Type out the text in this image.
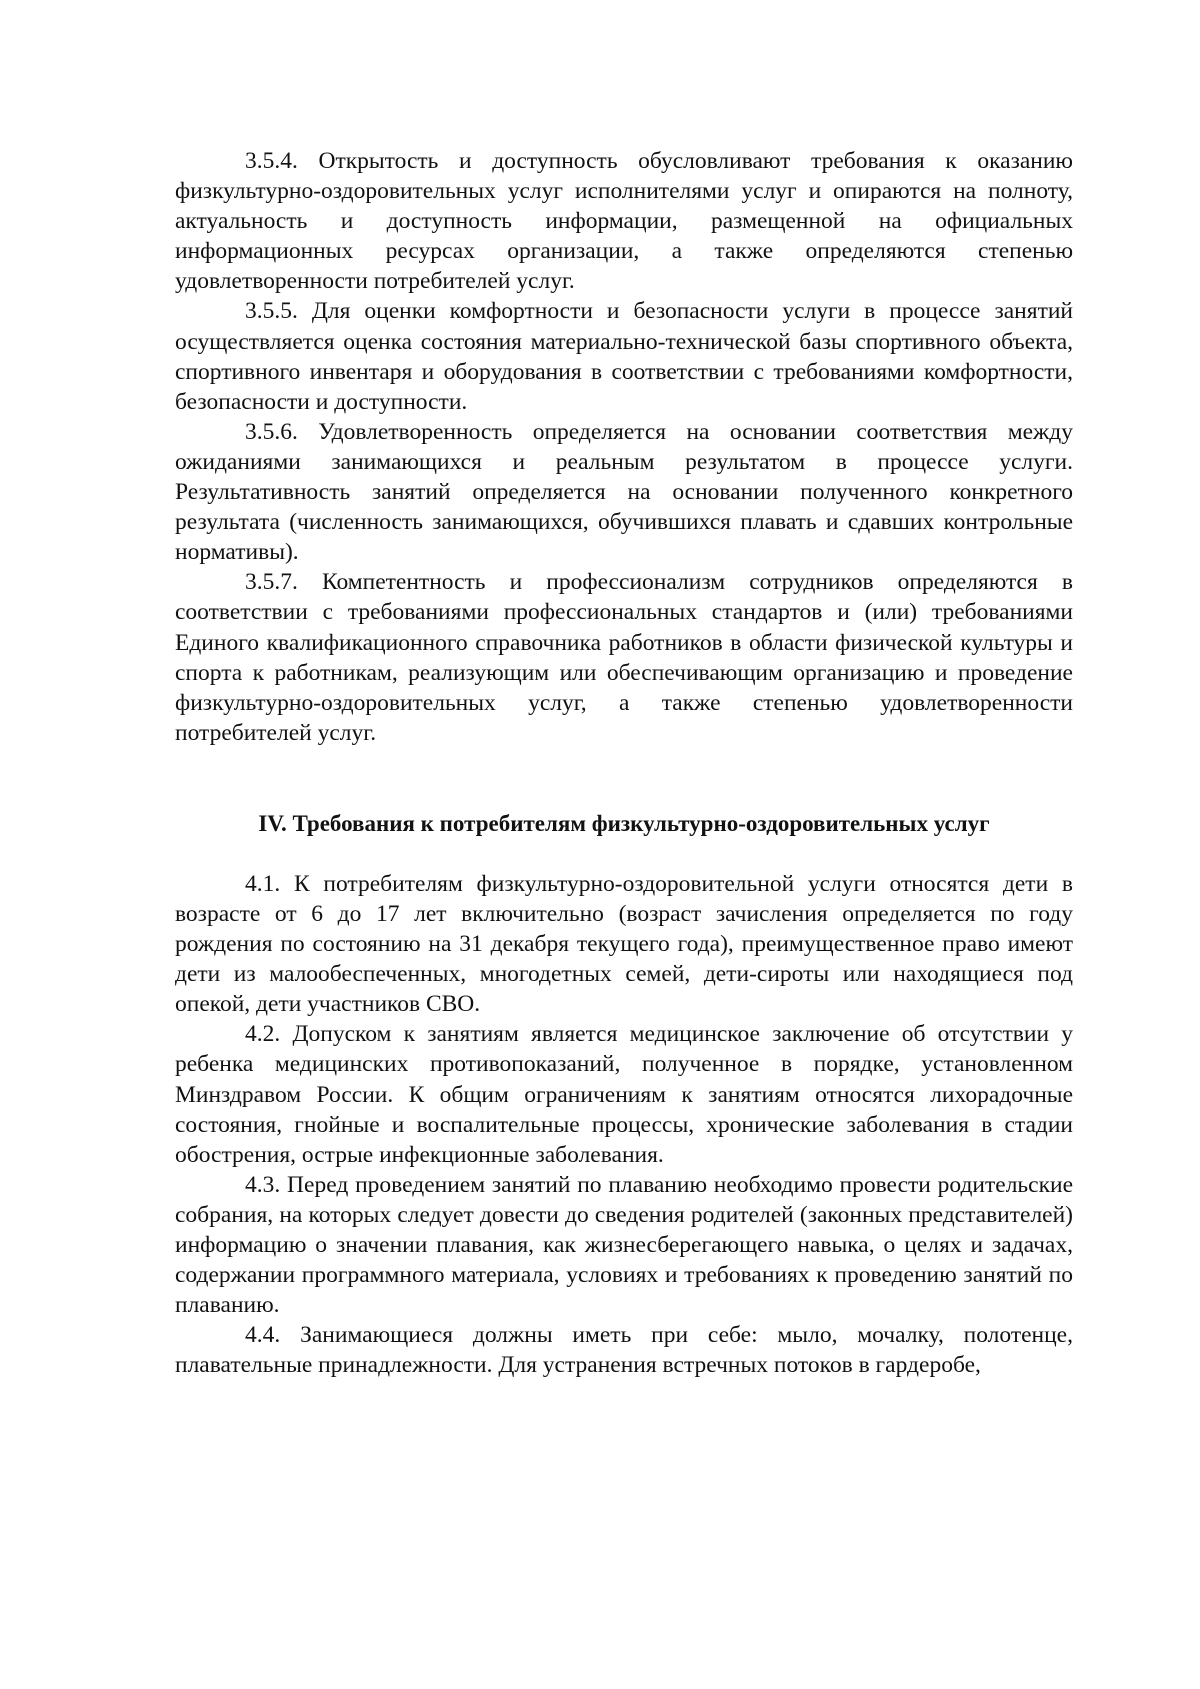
3.5.4. Открытость и доступность обусловливают требования к оказанию физкультурно-оздоровительных услуг исполнителями услуг и опираются на полноту, актуальность и доступность информации, размещенной на официальных информационных ресурсах организации, а также определяются степенью удовлетворенности потребителей услуг.

3.5.5. Для оценки комфортности и безопасности услуги в процессе занятий осуществляется оценка состояния материально-технической базы спортивного объекта, спортивного инвентаря и оборудования в соответствии с требованиями комфортности, безопасности и доступности.

3.5.6. Удовлетворенность определяется на основании соответствия между ожиданиями занимающихся и реальным результатом в процессе услуги. Результативность занятий определяется на основании полученного конкретного результата (численность занимающихся, обучившихся плавать и сдавших контрольные нормативы).

3.5.7. Компетентность и профессионализм сотрудников определяются в соответствии с требованиями профессиональных стандартов и (или) требованиями Единого квалификационного справочника работников в области физической культуры и спорта к работникам, реализующим или обеспечивающим организацию и проведение физкультурно-оздоровительных услуг, а также степенью удовлетворенности потребителей услуг.

IV. Требования к потребителям физкультурно-оздоровительных услуг

4.1. К потребителям физкультурно-оздоровительной услуги относятся дети в возрасте от 6 до 17 лет включительно (возраст зачисления определяется по году рождения по состоянию на 31 декабря текущего года), преимущественное право имеют дети из малообеспеченных, многодетных семей, дети-сироты или находящиеся под опекой, дети участников СВО.

4.2. Допуском к занятиям является медицинское заключение об отсутствии у ребенка медицинских противопоказаний, полученное в порядке, установленном Минздравом России. К общим ограничениям к занятиям относятся лихорадочные состояния, гнойные и воспалительные процессы, хронические заболевания в стадии обострения, острые инфекционные заболевания.

4.3. Перед проведением занятий по плаванию необходимо провести родительские собрания, на которых следует довести до сведения родителей (законных представителей) информацию о значении плавания, как жизнесберегающего навыка, о целях и задачах, содержании программного материала, условиях и требованиях к проведению занятий по плаванию.

4.4. Занимающиеся должны иметь при себе: мыло, мочалку, полотенце, плавательные принадлежности. Для устранения встречных потоков в гардеробе,
